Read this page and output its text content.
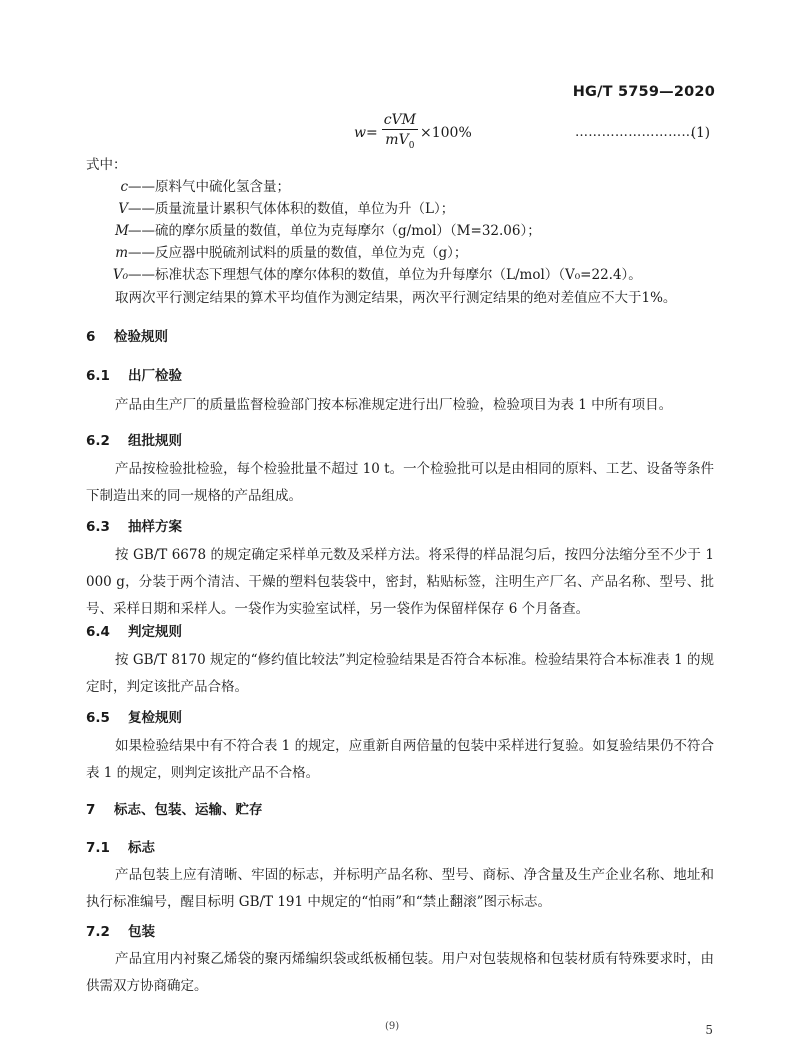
HG/T 5759—2020
$w = \frac{\text{cVM}}{mV_0} \times 100\%$	………………………
(1)
式中：
c——原料气中硫化氢含量；
V——质量流量计累积气体体积的数值，单位为升（L）；
M——硫的摩尔质量的数值，单位为克每摩尔（g/mol）（M=32.06）；
m——反应器中脱硫剂试料的质量的数值，单位为克（g）；
V₀——标准状态下理想气体的摩尔体积的数值，单位为升每摩尔（L/mol）（V₀=22.4）。
取两次平行测定结果的算术平均值作为测定结果，两次平行测定结果的绝对差值应不大于1%。
6 检验规则
6.1 出厂检验
产品由生产厂的质量监督检验部门按本标准规定进行出厂检验，检验项目为表 1 中所有项目。
6.2 组批规则
产品按检验批检验，每个检验批量不超过 10 t。一个检验批可以是由相同的原料、工艺、设备等条件下制造出来的同一规格的产品组成。
6.3 抽样方案
按 GB/T 6678 的规定确定采样单元数及采样方法。将采得的样品混匀后，按四分法缩分至不少于 1 000 g，分装于两个清洁、干燥的塑料包装袋中，密封，粘贴标签，注明生产厂名、产品名称、型号、批号、采样日期和采样人。一袋作为实验室试样，另一袋作为保留样保存 6 个月备查。
6.4 判定规则
按 GB/T 8170 规定的“修约值比较法”判定检验结果是否符合本标准。检验结果符合本标准表 1 的规定时，判定该批产品合格。
6.5 复检规则
如果检验结果中有不符合表 1 的规定，应重新自两倍量的包装中采样进行复验。如复验结果仍不符合表 1 的规定，则判定该批产品不合格。
7 标志、包装、运输、贮存
7.1 标志
产品包装上应有清晰、牢固的标志，并标明产品名称、型号、商标、净含量及生产企业名称、地址和执行标准编号，醒目标明 GB/T 191 中规定的“怕雨”和“禁止翻滚”图示标志。
7.2 包装
产品宜用内衬聚乙烯袋的聚丙烯编织袋或纸板桶包装。用户对包装规格和包装材质有特殊要求时，由供需双方协商确定。
(9)	5
